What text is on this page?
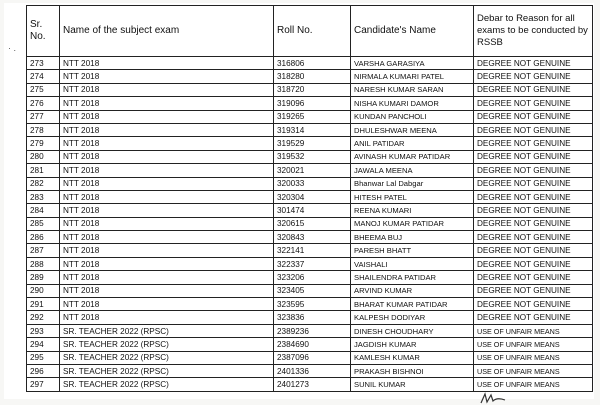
· .
Sr. No.	Name of the subject exam	Roll No.	Candidate's Name	Debar to Reason for all exams to be conducted by RSSB
273	NTT 2018	316806	VARSHA GARASIYA	DEGREE NOT GENUINE
274	NTT 2018	318280	NIRMALA KUMARI PATEL	DEGREE NOT GENUINE
275	NTT 2018	318720	NARESH KUMAR SARAN	DEGREE NOT GENUINE
276	NTT 2018	319096	NISHA KUMARI DAMOR	DEGREE NOT GENUINE
277	NTT 2018	319265	KUNDAN PANCHOLI	DEGREE NOT GENUINE
278	NTT 2018	319314	DHULESHWAR MEENA	DEGREE NOT GENUINE
279	NTT 2018	319529	ANIL PATIDAR	DEGREE NOT GENUINE
280	NTT 2018	319532	AVINASH KUMAR PATIDAR	DEGREE NOT GENUINE
281	NTT 2018	320021	JAWALA MEENA	DEGREE NOT GENUINE
282	NTT 2018	320033	Bhanwar Lal Dabgar	DEGREE NOT GENUINE
283	NTT 2018	320304	HITESH PATEL	DEGREE NOT GENUINE
284	NTT 2018	301474	REENA KUMARI	DEGREE NOT GENUINE
285	NTT 2018	320615	MANOJ KUMAR PATIDAR	DEGREE NOT GENUINE
286	NTT 2018	320843	BHEEMA BUJ	DEGREE NOT GENUINE
287	NTT 2018	322141	PARESH BHATT	DEGREE NOT GENUINE
288	NTT 2018	322337	VAISHALI	DEGREE NOT GENUINE
289	NTT 2018	323206	SHAILENDRA PATIDAR	DEGREE NOT GENUINE
290	NTT 2018	323405	ARVIND KUMAR	DEGREE NOT GENUINE
291	NTT 2018	323595	BHARAT KUMAR PATIDAR	DEGREE NOT GENUINE
292	NTT 2018	323836	KALPESH DODIYAR	DEGREE NOT GENUINE
293	SR. TEACHER 2022 (RPSC)	2389236	DINESH CHOUDHARY	USE OF UNFAIR MEANS
294	SR. TEACHER 2022 (RPSC)	2384690	JAGDISH KUMAR	USE OF UNFAIR MEANS
295	SR. TEACHER 2022 (RPSC)	2387096	KAMLESH KUMAR	USE OF UNFAIR MEANS
296	SR. TEACHER 2022 (RPSC)	2401336	PRAKASH BISHNOI	USE OF UNFAIR MEANS
297	SR. TEACHER 2022 (RPSC)	2401273	SUNIL KUMAR	USE OF UNFAIR MEANS
